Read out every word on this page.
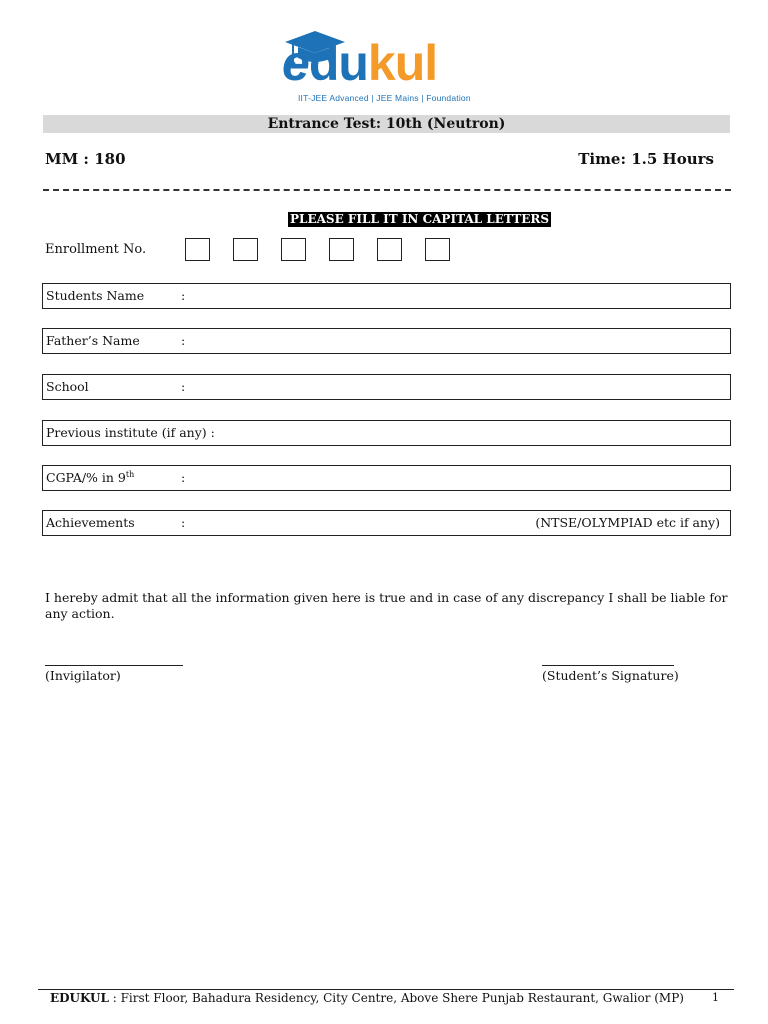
edukul
IIT-JEE Advanced | JEE Mains | Foundation
Entrance Test: 10th (Neutron)
MM : 180	Time: 1.5 Hours
PLEASE FILL IT IN CAPITAL LETTERS
Enrollment No.
Students Name	:
Father’s Name	:
School	:
Previous institute (if any) :
CGPA/% in 9th	:
Achievements	:	(NTSE/OLYMPIAD etc if any)
I hereby admit that all the information given here is true and in case of any discrepancy I shall be liable for any action.
(Invigilator)	(Student’s Signature)
EDUKUL : First Floor, Bahadura Residency, City Centre, Above Shere Punjab Restaurant, Gwalior (MP)	1
